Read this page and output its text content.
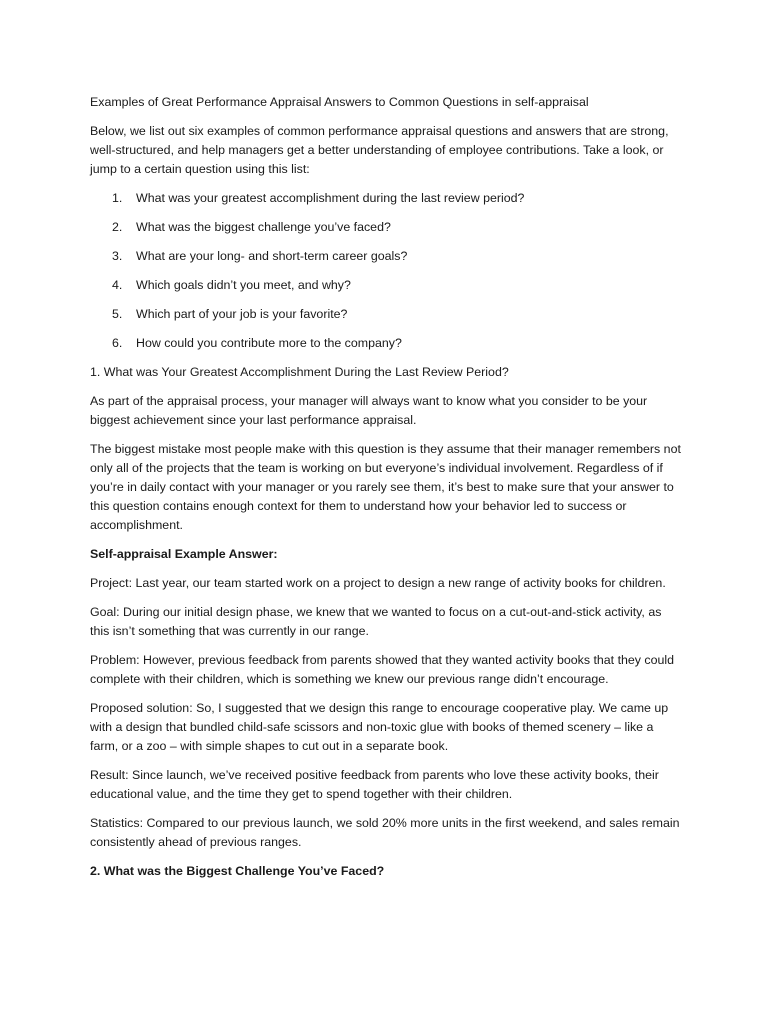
Examples of Great Performance Appraisal Answers to Common Questions in self-appraisal

Below, we list out six examples of common performance appraisal questions and answers that are strong, well-structured, and help managers get a better understanding of employee contributions. Take a look, or jump to a certain question using this list:

1.	What was your greatest accomplishment during the last review period?
2.	What was the biggest challenge you’ve faced?
3.	What are your long- and short-term career goals?
4.	Which goals didn’t you meet, and why?
5.	Which part of your job is your favorite?
6.	How could you contribute more to the company?

1. What was Your Greatest Accomplishment During the Last Review Period?

As part of the appraisal process, your manager will always want to know what you consider to be your biggest achievement since your last performance appraisal.

The biggest mistake most people make with this question is they assume that their manager remembers not only all of the projects that the team is working on but everyone’s individual involvement. Regardless of if you’re in daily contact with your manager or you rarely see them, it’s best to make sure that your answer to this question contains enough context for them to understand how your behavior led to success or accomplishment.

Self-appraisal Example Answer:

Project: Last year, our team started work on a project to design a new range of activity books for children.

Goal: During our initial design phase, we knew that we wanted to focus on a cut-out-and-stick activity, as this isn’t something that was currently in our range.

Problem: However, previous feedback from parents showed that they wanted activity books that they could complete with their children, which is something we knew our previous range didn’t encourage.

Proposed solution: So, I suggested that we design this range to encourage cooperative play. We came up with a design that bundled child-safe scissors and non-toxic glue with books of themed scenery – like a farm, or a zoo – with simple shapes to cut out in a separate book.

Result: Since launch, we’ve received positive feedback from parents who love these activity books, their educational value, and the time they get to spend together with their children.

Statistics: Compared to our previous launch, we sold 20% more units in the first weekend, and sales remain consistently ahead of previous ranges.

2. What was the Biggest Challenge You’ve Faced?
